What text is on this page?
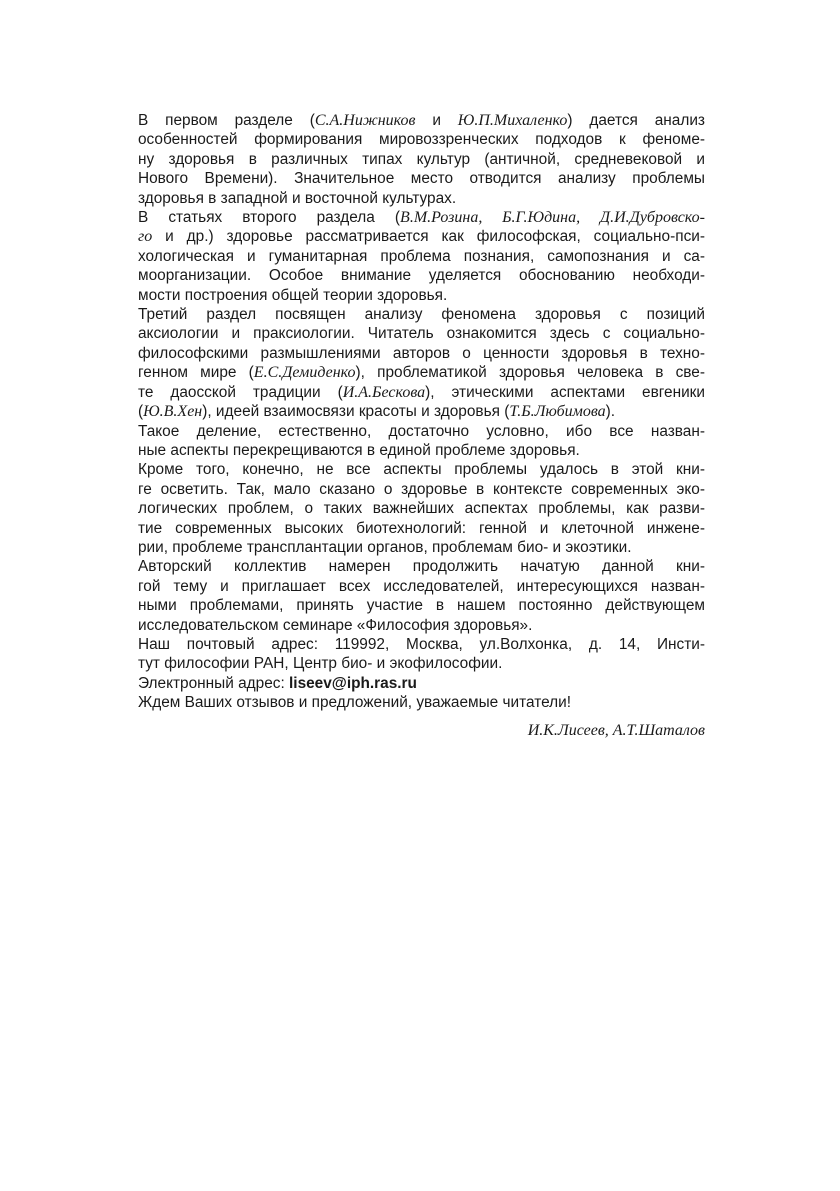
В первом разделе (С.А.Нижников и Ю.П.Михаленко) дается анализ
особенностей формирования мировоззренческих подходов к феноме-
ну здоровья в различных типах культур (античной, средневековой и
Нового Времени). Значительное место отводится анализу проблемы
здоровья в западной и восточной культурах.

В статьях второго раздела (В.М.Розина, Б.Г.Юдина, Д.И.Дубровско-
го и др.) здоровье рассматривается как философская, социально-пси-
хологическая и гуманитарная проблема познания, самопознания и са-
моорганизации. Особое внимание уделяется обоснованию необходи-
мости построения общей теории здоровья.

Третий раздел посвящен анализу феномена здоровья с позиций
аксиологии и праксиологии. Читатель ознакомится здесь с социально-
философскими размышлениями авторов о ценности здоровья в техно-
генном мире (Е.С.Демиденко), проблематикой здоровья человека в све-
те даосской традиции (И.А.Бескова), этическими аспектами евгеники
(Ю.В.Хен), идеей взаимосвязи красоты и здоровья (Т.Б.Любимова).

Такое деление, естественно, достаточно условно, ибо все назван-
ные аспекты перекрещиваются в единой проблеме здоровья.

Кроме того, конечно, не все аспекты проблемы удалось в этой кни-
ге осветить. Так, мало сказано о здоровье в контексте современных эко-
логических проблем, о таких важнейших аспектах проблемы, как разви-
тие современных высоких биотехнологий: генной и клеточной инжене-
рии, проблеме трансплантации органов, проблемам био- и экоэтики.

Авторский коллектив намерен продолжить начатую данной кни-
гой тему и приглашает всех исследователей, интересующихся назван-
ными проблемами, принять участие в нашем постоянно действующем
исследовательском семинаре «Философия здоровья».

Наш почтовый адрес: 119992, Москва, ул.Волхонка, д. 14, Инсти-
тут философии РАН, Центр био- и экофилософии.

Электронный адрес: liseev@iph.ras.ru

Ждем Ваших отзывов и предложений, уважаемые читатели!

И.К.Лисеев, А.Т.Шаталов
